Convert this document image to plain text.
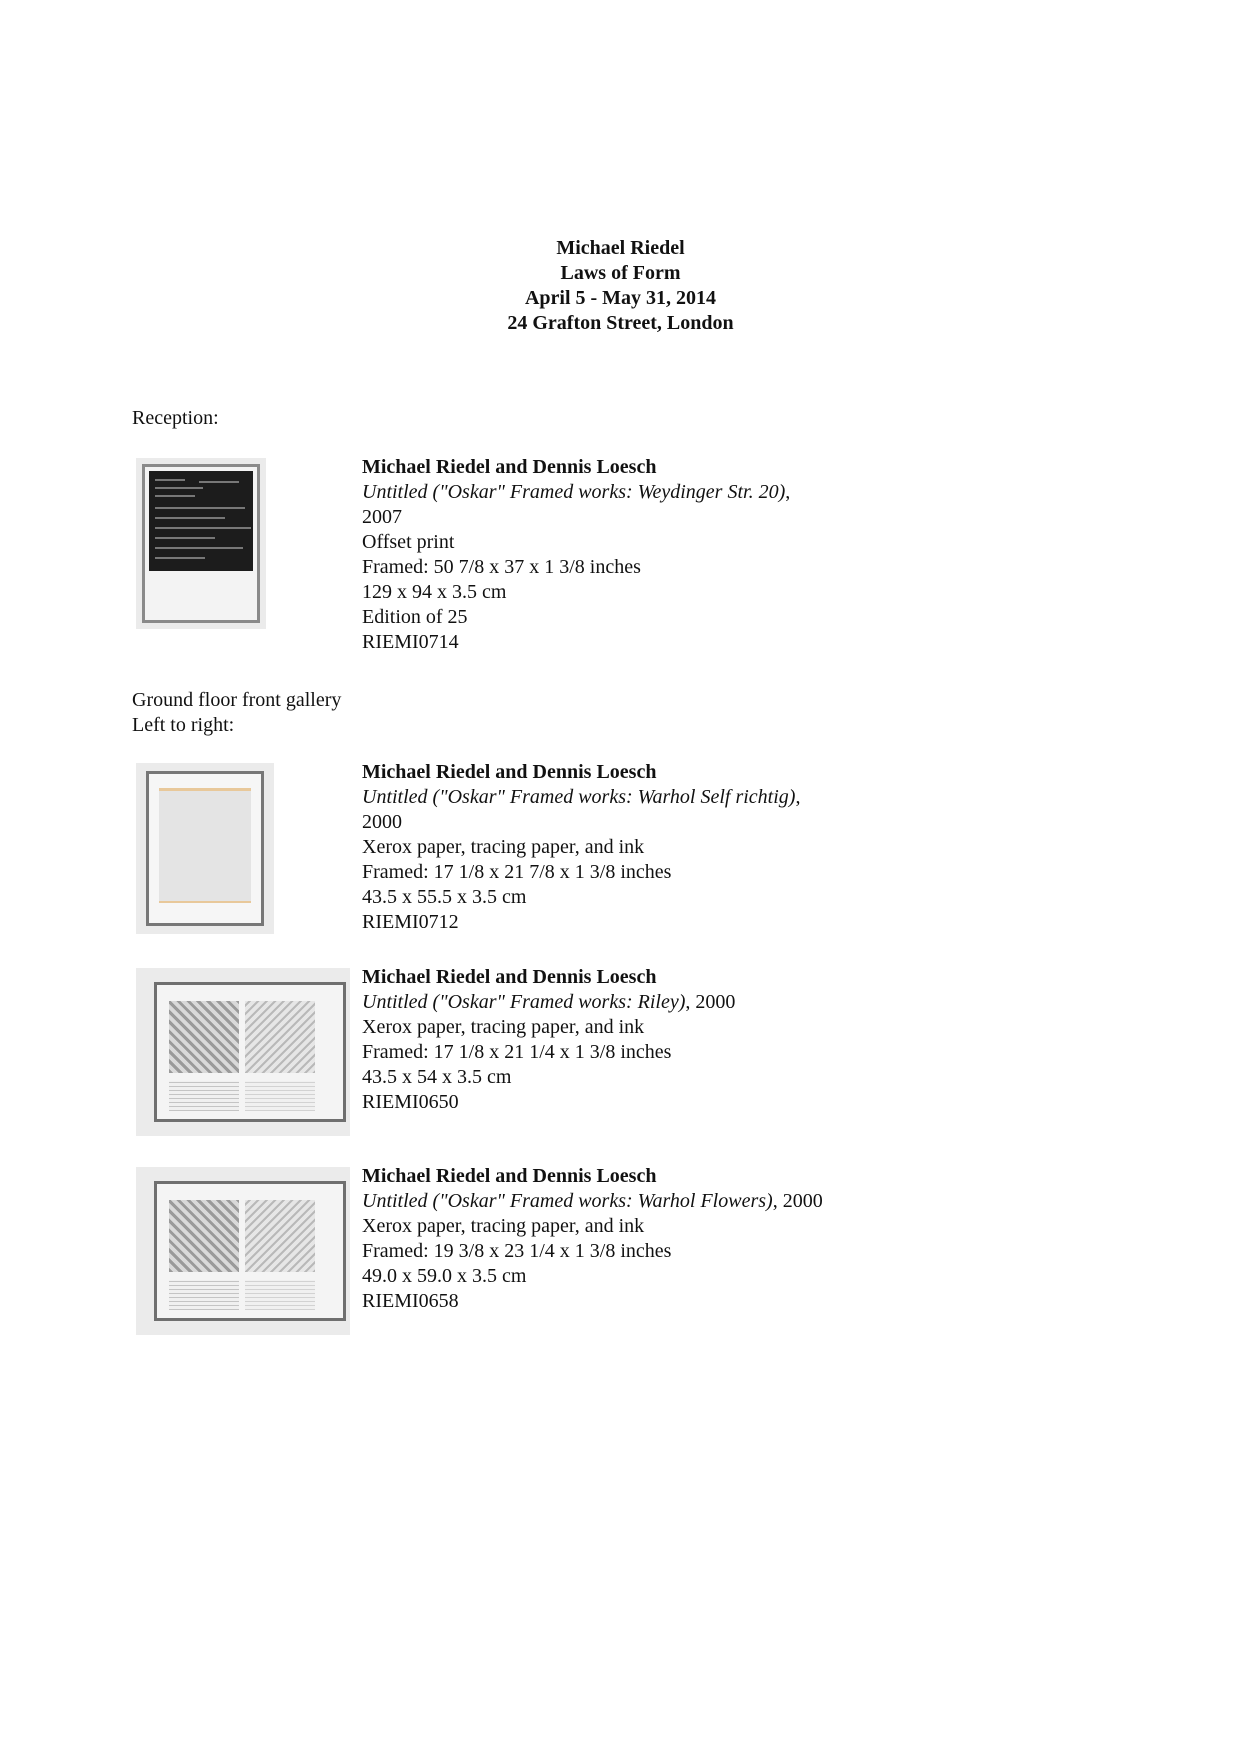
Michael Riedel
Laws of Form
April 5 - May 31, 2014
24 Grafton Street, London
Reception:
Michael Riedel and Dennis Loesch
Untitled ("Oskar" Framed works: Weydinger Str. 20),
2007
Offset print
Framed: 50 7/8 x 37 x 1 3/8 inches
129 x 94 x 3.5 cm
Edition of 25
RIEMI0714
Ground floor front gallery
Left to right:
Michael Riedel and Dennis Loesch
Untitled ("Oskar" Framed works: Warhol Self richtig),
2000
Xerox paper, tracing paper, and ink
Framed: 17 1/8 x 21 7/8 x 1 3/8 inches
43.5 x 55.5 x 3.5 cm
RIEMI0712
Michael Riedel and Dennis Loesch
Untitled ("Oskar" Framed works: Riley), 2000
Xerox paper, tracing paper, and ink
Framed: 17 1/8 x 21 1/4 x 1 3/8 inches
43.5 x 54 x 3.5 cm
RIEMI0650
Michael Riedel and Dennis Loesch
Untitled ("Oskar" Framed works: Warhol Flowers), 2000
Xerox paper, tracing paper, and ink
Framed: 19 3/8 x 23 1/4 x 1 3/8 inches
49.0 x 59.0 x 3.5 cm
RIEMI0658
